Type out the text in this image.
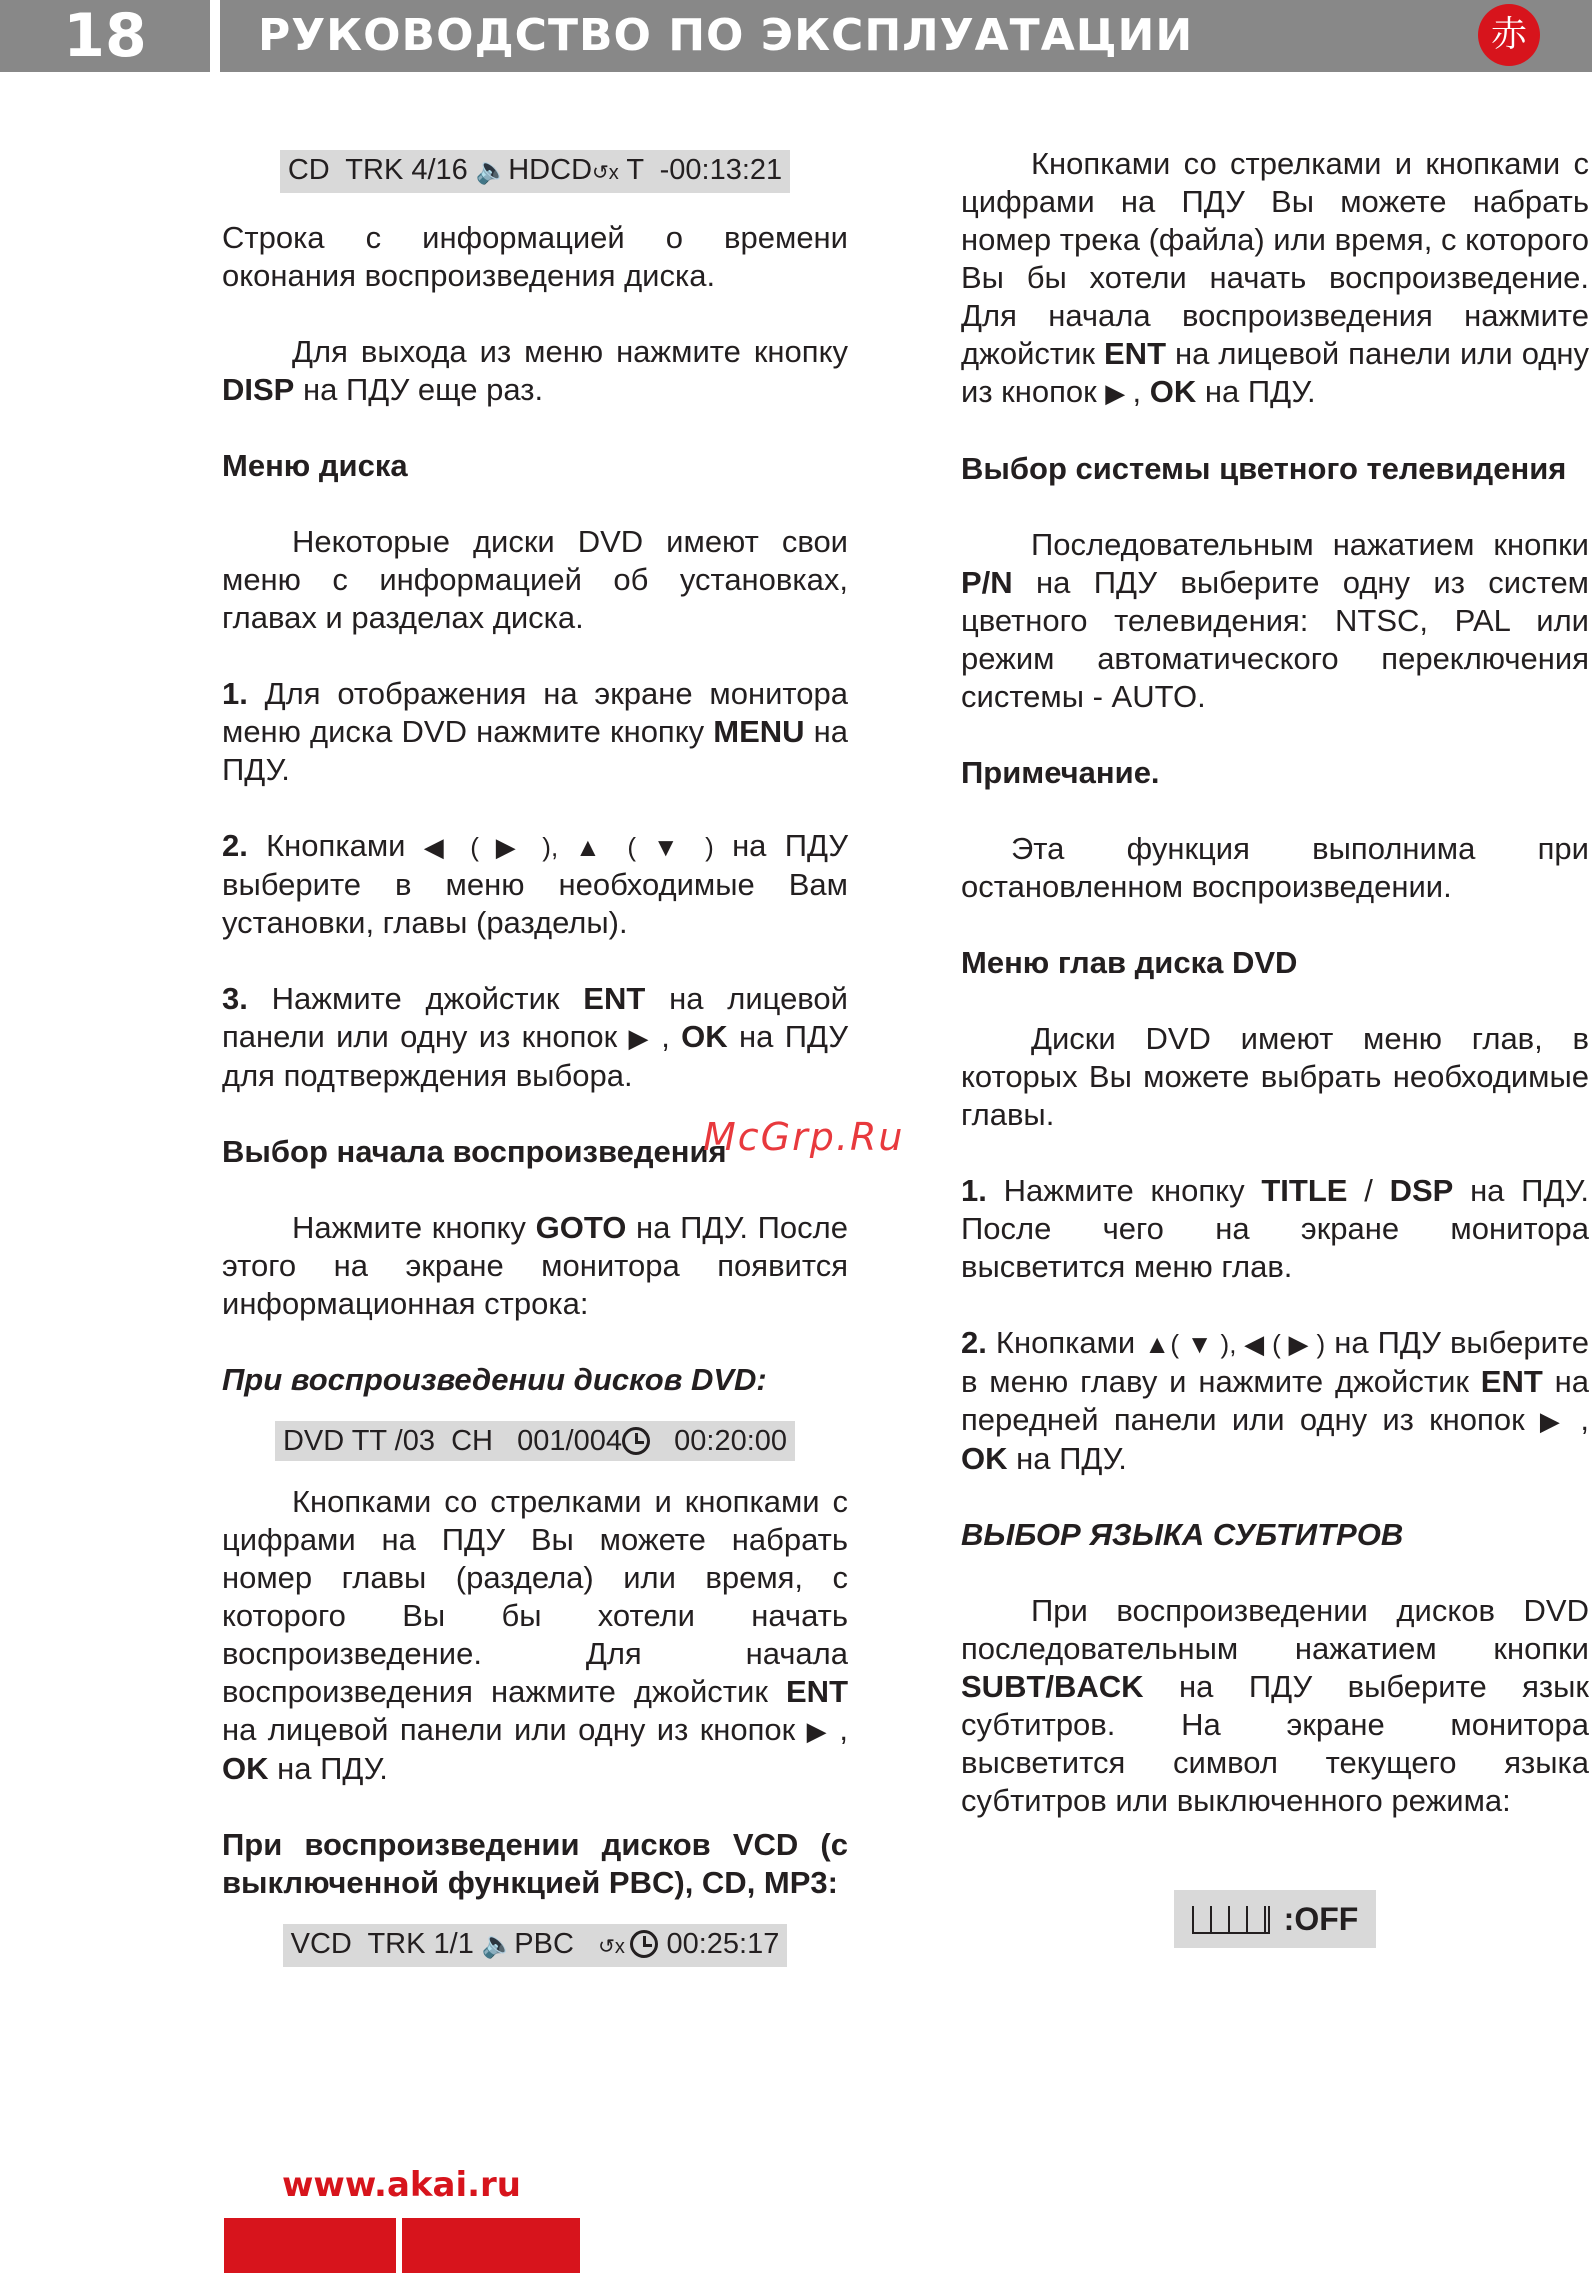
18	РУКОВОДСТВО ПО ЭКСПЛУАТАЦИИ	赤
CD  TRK 4/16 🔈HDCD↺x T  -00:13:21

Строка с информацией о времени оконания воспроизведения диска.

Для выхода из меню нажмите кнопку DISP на ПДУ еще раз.

Меню диска

Некоторые диски DVD имеют свои меню с информацией об установках, главах и разделах диска.

1. Для отображения на экране монитора меню диска DVD нажмите кнопку MENU на ПДУ.

2. Кнопками ◀ ( ▶ ), ▲ ( ▼ ) на ПДУ выберите в меню необходимые Вам установки, главы (разделы).

3. Нажмите джойстик ENT на лицевой панели или одну из кнопок ▶ , OK на ПДУ для подтверждения выбора.

Выбор начала воспроизведения

Нажмите кнопку GOTO на ПДУ. После этого на экране монитора появится информационная строка:

При воспроизведении дисков DVD:

DVD TT /03  CH   001/004   00:20:00

Кнопками со стрелками и кнопками с цифрами на ПДУ Вы можете набрать номер главы (раздела) или время, с которого Вы бы хотели начать воспроизведение. Для начала воспроизведения нажмите джойстик ENT на лицевой панели или одну из кнопок ▶ , OK на ПДУ.

При воспроизведении дисков VCD (с выключенной функцией PBC), CD, MP3:

VCD  TRK 1/1 🔈PBC   ↺x  00:25:17

Кнопками со стрелками и кнопками с цифрами на ПДУ Вы можете набрать номер трека (файла) или время, с которого Вы бы хотели начать воспроизведение. Для начала воспроизведения нажмите джойстик ENT на лицевой панели или одну из кнопок ▶ , OK на ПДУ.

Выбор системы цветного телевидения

Последовательным нажатием кнопки P/N на ПДУ выберите одну из систем цветного телевидения: NTSC, PAL или режим автоматического переключения системы - AUTO.

Примечание.

Эта функция выполнима при остановленном воспроизведении.

Меню глав диска DVD

Диски DVD имеют меню глав, в которых Вы можете выбрать необходимые главы.

1. Нажмите кнопку TITLE / DSP на ПДУ. После чего на экране монитора высветится меню глав.

2. Кнопками ▲( ▼ ), ◀ ( ▶ ) на ПДУ выберите в меню главу и нажмите джойстик ENT на передней панели или одну из кнопок ▶ , OK на ПДУ.

ВЫБОР ЯЗЫКА СУБТИТРОВ

При воспроизведении дисков DVD последовательным нажатием кнопки SUBT/BACK на ПДУ выберите язык субтитров. На экране монитора высветится символ текущего языка субтитров или выключенного режима:

:OFF
McGrp.Ru
www.akai.ru
